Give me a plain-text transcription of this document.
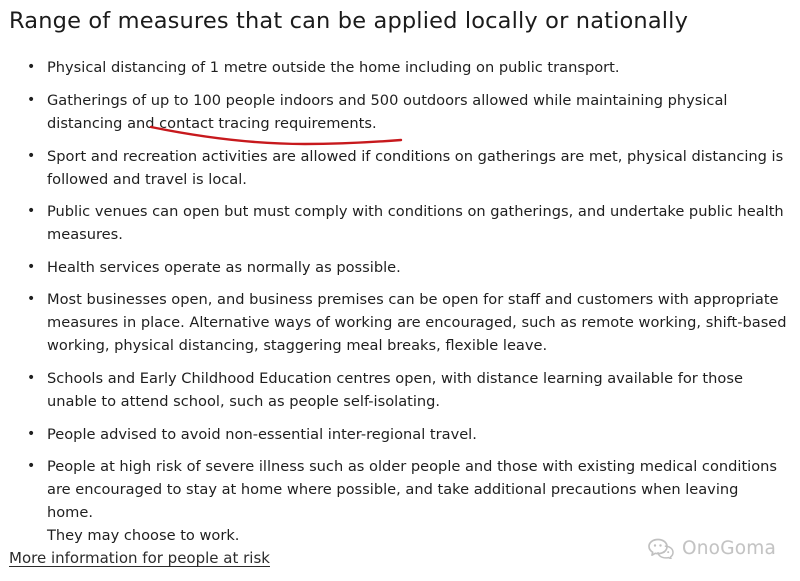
Range of measures that can be applied locally or nationally
• Physical distancing of 1 metre outside the home including on public transport.
• Gatherings of up to 100 people indoors and 500 outdoors allowed while maintaining physical
distancing and contact tracing requirements.
• Sport and recreation activities are allowed if conditions on gatherings are met, physical distancing is
followed and travel is local.
• Public venues can open but must comply with conditions on gatherings, and undertake public health
measures.
• Health services operate as normally as possible.
• Most businesses open, and business premises can be open for staff and customers with appropriate
measures in place. Alternative ways of working are encouraged, such as remote working, shift-based
working, physical distancing, staggering meal breaks, flexible leave.
• Schools and Early Childhood Education centres open, with distance learning available for those
unable to attend school, such as people self-isolating.
• People advised to avoid non-essential inter-regional travel.
• People at high risk of severe illness such as older people and those with existing medical conditions
are encouraged to stay at home where possible, and take additional precautions when leaving home.
They may choose to work.
More information for people at risk	OnoGoma
